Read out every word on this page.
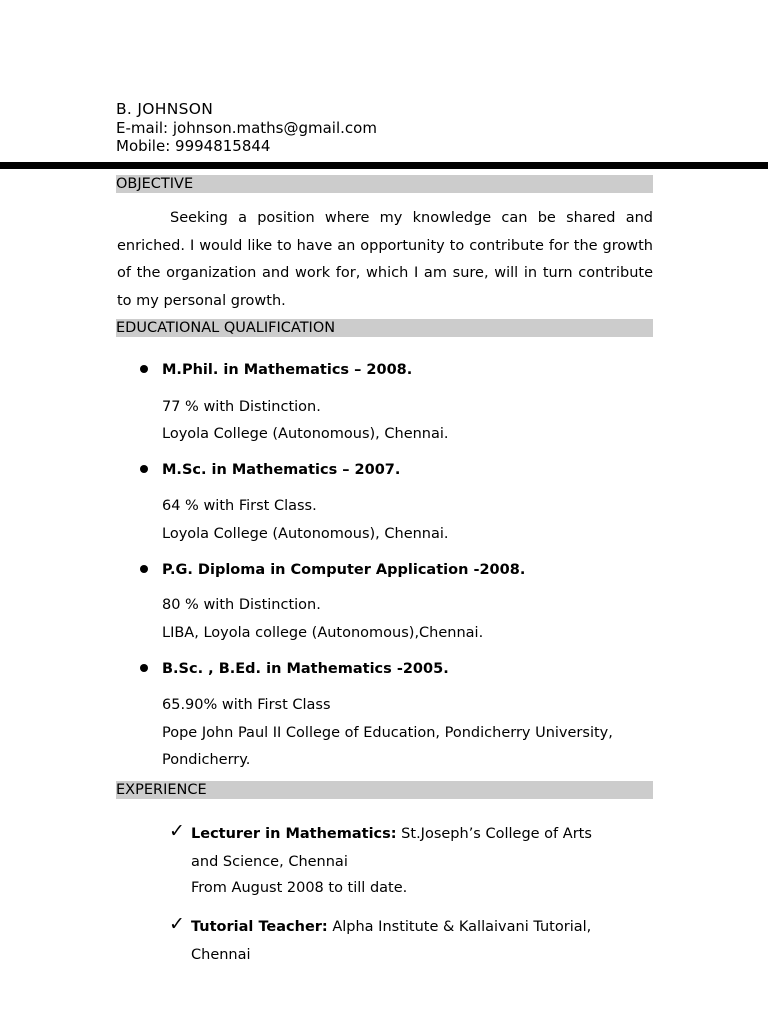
B. JOHNSON
E-mail: johnson.maths@gmail.com
Mobile: 9994815844
OBJECTIVE

Seeking a position where my knowledge can be shared and enriched. I would like to have an opportunity to contribute for the growth of the organization and work for, which I am sure, will in turn contribute to my personal growth.

EDUCATIONAL QUALIFICATION
M.Phil. in Mathematics – 2008.
77 % with Distinction.
Loyola College (Autonomous), Chennai.
M.Sc. in Mathematics – 2007.
64 % with First Class.
Loyola College (Autonomous), Chennai.
P.G. Diploma in Computer Application -2008.
80 % with Distinction.
LIBA, Loyola college (Autonomous),Chennai.
B.Sc. , B.Ed. in Mathematics -2005.
65.90% with First Class
Pope John Paul II College of Education, Pondicherry University,
Pondicherry.
EXPERIENCE
✓ Lecturer in Mathematics: St.Joseph’s College of Arts
and Science, Chennai
From August 2008 to till date.
✓ Tutorial Teacher: Alpha Institute & Kallaivani Tutorial,
Chennai
